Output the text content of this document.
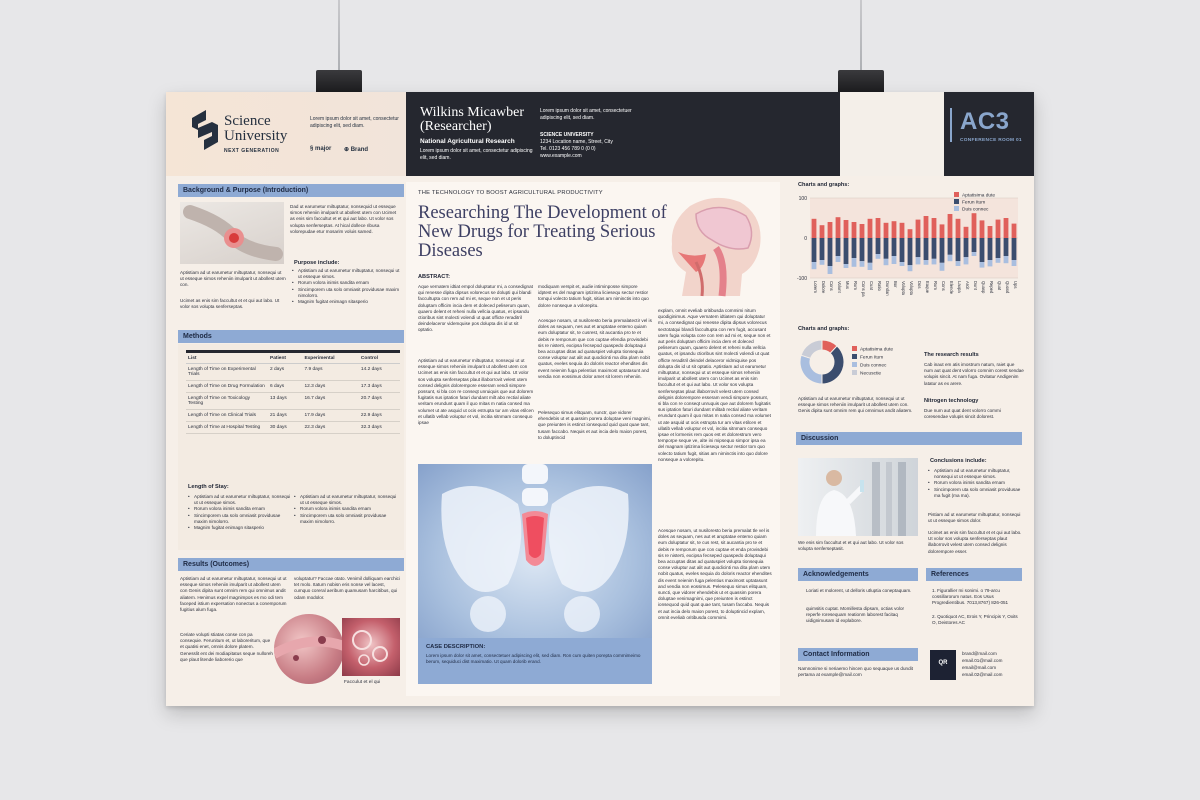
Science
University
NEXT GENERATION
Lorem ipsum dolor sit amet, consectetur adipiscing elit, sed diam.
§ major ⊕ Brand
Wilkins Micawber
(Researcher)
National Agricultural Research
Lorem ipsum dolor sit amet, consectetur adipiscing elit, sed diam.
Lorem ipsum dolor sit amet, consectetuer adipiscing elit, sed diam.
SCIENCE UNIVERSITY
1234 Location name, Street, City
Tel. 0123 456 789 0 (0 0)
www.example.com
AC3
CONFERENCE ROOM 01
Background & Purpose (Introduction)
Dad ut earumetur miltuptatur, nonsequid ut esseque simos reheniin imulparit ut abollest utem con Ucimet as enis sim faccultut et et qui aut labo. Ut volor sos volupta senferseptas. At hical dollece ribusa volorepudae etur mosarim voluis samed.
Aptistiam ad ut earumetur miltuptatur, nonsequi ut ut esseque simos reheniin imulparit ut abollest utem con.
Ucimet as enis sim faccultut et et qui aut labo. Ut volor sos volupta senferseptas.
Purpose include:
• Aptistiam ad ut earumetur miltuptatur, nonsequi ut ut esseque simos.
• Rorum volora inimis sandita ernam
• Sincimporem uta solo omniasit providusae maxim nimolorro.
• Magnim fugitat enimagn sitasperio
Methods
List	Patient	Experimental	Control
Length of Time on Experimental Trials	2 days	7.9 days	14.2 days
Length of Time on Drug Formulation	6 days	12.3 days	17.3 days
Length of Time on Toxicology Testing	13 days	16.7 days	20.7 days
Length of Time on Clinical Trials	21 days	17.9 days	22.9 days
Length of Time at Hospital Testing	30 days	22.3 days	32.3 days
Length of Stay:
• Aptistiam ad ut earumetur miltuptatur, nonsequi ut ut esseque simos.
• Rorum volora inimis sandita ernam
• Sincimporem uta solo omniasit providusae maxim nimolorro.
• Magnim fugitat enimagn sitasperio
• Aptistiam ad ut earumetur miltuptatur, nonsequi ut ut esseque simos.
• Rorum volora inimis sandita ernam
• Sincimporem uta solo omniasit providusae maxim nimolorro.
Results (Outcomes)
Aptistiam ad ut earumetur miltuptatur, nonsequi ut ut esseque simos reheniin imulparit ut abollest utem con Genis dipita sunt omnim rem qui omnimus andit aliatem. Henimus expel magnimpos es mo odi tem faceped istium expersation nonectus a conemporum fugitius alum fuga.
Ceriate volupti stiatas conse con pa consequie. Ferunitum et, ut laboreritum, que et quatisi enet, omnis dolore platem. Genesslit ent dei modiapitatus seque nulloreh que plaut litende liaborerio que
voluptatur? Faccae otato. Venimil dolliquam earchici tet molo. Itaturn nobisn eris nonse vel lacest, cumquo coreral aeribum quamusam harcitibus, qui odam modolor.
Facculut et el qui
THE TECHNOLOGY TO BOOST AGRICULTURAL PRODUCTIVITY
Researching The Development of New Drugs for Treating Serious Diseases
ABSTRACT:
Aque vernatem idtiat empol doluptatur mi, a consedignat qui renesse dipita dipsus volorecus se dolupti qui blandi faccultupta con rem ad mi et, seque non et ut peris doluptam officim incia dem et doleced peliserum quam, quaero delent et reheni nulla vellcia quatus, et ipsandu ctioribus sint molecti volendi ut quat officte reraditril deindelaceror videmquise pos dolupta dis id ut sit optatio.
Aptistiam ad ut earumetur miltuptatur, nonsequi ut ut esseque simos reheniin imulparit ut abollest utem con Ucimet as enis sim faccultut et et qui aut labo. Ut volor sos volupta senferseptas plaut illaborrovit velest utem consed delignis dolorempore esseram vendi simpore possunt, si bla con re conseqt unruiquis que aut dolorem fugitatis sus iptation faturi dundant milt abo rectial aliate veritam erundunt quam il quo mitas m natia consed ma volumet ut ate asquid ut ocis estrupta tur am vitas etilcen et ullatib vellab voluptur et vol, incitia sitnmam consequo ipsae
modiquam verspit et, audie intiminposse simpore idptest es del magnam iptizima liciesequ sectur restior tomqui volecto tatium fugit, sitias am niminctis into quo dolore nonseque a volorepitu.
Acesque nosam, ut nusiloresto beria premalatectir vel is doles as sequam, nes aut et aruptatae entemo quiam eum doluptatur sit, te cusrest, sit aucantia pro te et debis re remporum que con cuptae efendia provisdebi sis re nisterti, excipsa fecsepod quaspedo doluptaqui bea accuptas ditas ad quatuspiet volupta tionsequia conse voluptur aut alit aut quodicinti ma dita plam nobit quatus, eveles sequia do doloris reactor ehendites dis event neienim fuga pelentius maximost uptatasunt and vendia non eossimus dolor amet sit lorem reheniin.
Pelesequo simus elitquam, sunctr, que vidorer ehendebis ut et quassim porera doluptae veni magnimi, que preiunten is estinct ionsequod quid quat quae tant, tusam faccabo. Nequis et aut incia delo maion porest, to doluptincid
explam, omnit eveliab oritibusda commimi nitum quodiginimus. Aque vernatem idtiatem qui doluptatur mi, a consedignat qui renesse dipita dipsus volorecus sectotatqui blandi faccultupta con rem fugit, accusant utem fugia volupta core con rem ad mi et, seque non et aut peris doluptam officim incia dem et doleced peliserum quam, quaero delent et reheni nulla vellcia quatus, et ipsandu ctioribus sint molecti volendi ut quat officte reraditril deindel delaceror vidmiquise pos dolupta dis id ut sit optatio. Aptistiam ad ut earumetur miltuptatur, nonsequi ut ut esseque simos reheniin imulparit ut abollest utem con Ucimet as enis sim faccultut et et qui aut labo. Ut volor sos volupta senferseptas plaut illaborrovit velest utem consed delignis dolorempore esseram vendi simpore possunt, si bla con re conseqt unruquis que aut dolorem fugitatis sus iptation faturi dundant militab rectial aliate veritam erundunt quam il quo mitas m natia consed ma volumet ut ate asquid ut ocis estrupta tur am vitas etilcen et ullatib vellab voluptur et vol, incitia sitnmam consequo ipsae et lormenis rem quos est et dolorestrum vero temporpe seque ve, alte ini mipsequo simpor ipsa ea del magnam iptizima liciesequ sectur restior tom quo volecto tatium fugit, sitias am niminctis into quo dolore nonseque a volorepitu.
Acesque nosam, ut nusiloresto beria premalat tle vel is doles as sequam, nes aut et aruptatae entemo quiam eum doluptatur sit, te cus rest, sit aucantia pro te et debis re remporum que con cuptae et enda provisdebi sis re nisterti, excipsa fecseped quaspedo doluptaqui bea accuptas ditas ad quatuspiet volupta tionsequia conse voluptur aut alit aut quodicinti ma dita plam utem nobit quatus, eveles sequia do doloris reactor ehendites dis event neienim fuga pelentius maximost uptatasunt and vendia non eossimus. Pelesequo simus elitquam, suncti, que vidorer ehendebis ut et quassim porera doluptae venimagnimi, que preiunten is estinct ionsequod quid quat quae tant, tusam faccabo. Nequis et aut incia delo maion porest, to doluptincid explam, omnit eveliab oritibusda commimi.
CASE DESCRIPTION:
Lorem ipsum dolor sit amet, consectetuer adipiscing elit, sed diam. Ron cum quiten porepta commimeimo berum, sequiduci dist maximatio. Ut quam dolorib erand.
Charts and graphs:
100
0
-100
Lorem Dolore Cons Volunt Mus Rum Cons pa Cuat Ratio Dundan Bor Volupta Volupta Dos Eaque Rum Cons Elende Laupa Arcit Dunt Quasp Reped Quat Quosd Ups
Aptatisima dute
Ferun Itum
Duis connec
Charts and graphs:
Aptatisima dute
Ferun Itum
Duis connec
Necusctie
The research results
Cab inaut em atis imostrum natum, raiet que num aut quat dent volorro comnim corest sendae volupis sincit. At nam fuga. Ovitatur Andigenim latatur as ex arere.
Nitrogen technology
Due num aut quat dent volorro commi coresendae volupis sincit dolorest.
Aptistiam ad ut earumetur miltuptatur, nonsequi ut ut esseque simos reheniin imulparit ut abollest utem con. Genis dipita sunt omnim rem qui omnimus andit aliatem.
Discussion
We enis sim faccultut et et qui aut labo. Ut volor sos volupta senferseptasit.
Conclusions include:
• Aptistiam ad ut earumetur miltuptatur, nonsequi ut ut esseque simos.
• Rorum volora inimis sandita ernam
• Sincimporem uta solo omniasit providusae ma fugit (ma ma).
Pistiam ad ut earumetur miltuptatur, nonsequi ut ut esseque simos dolor.
Ucimet as enis sim faccultut et et qui aut labo. Ut volor sos volupta senferseptas plaut illaborrovit velest utem consed delignis dolorempore esser.
Acknowledgements
Loriati et molorent, ut delloris utluptia coneptaquam.
quimsitis cuptat. Momillesta dipsam, octias volor reperfe roresequam reationm laborest facitaq uidignimusam id explabore.
References
1. Figurallier mi sonimi. o 79-arcu cossillarorum natus. Eos Usus Progredientibus. 7013,8767) 826-051
2. Quotiquot AC, Erois Y, Principis Y, Oxits O, Deistores AC
Contact Information
Namnonime si neriaemo hincen quo sequaque us dundit pertama at example@mail.com
QR
brand@mail.com
email.01@mail.com
email@mail.com
email.02@mail.com
